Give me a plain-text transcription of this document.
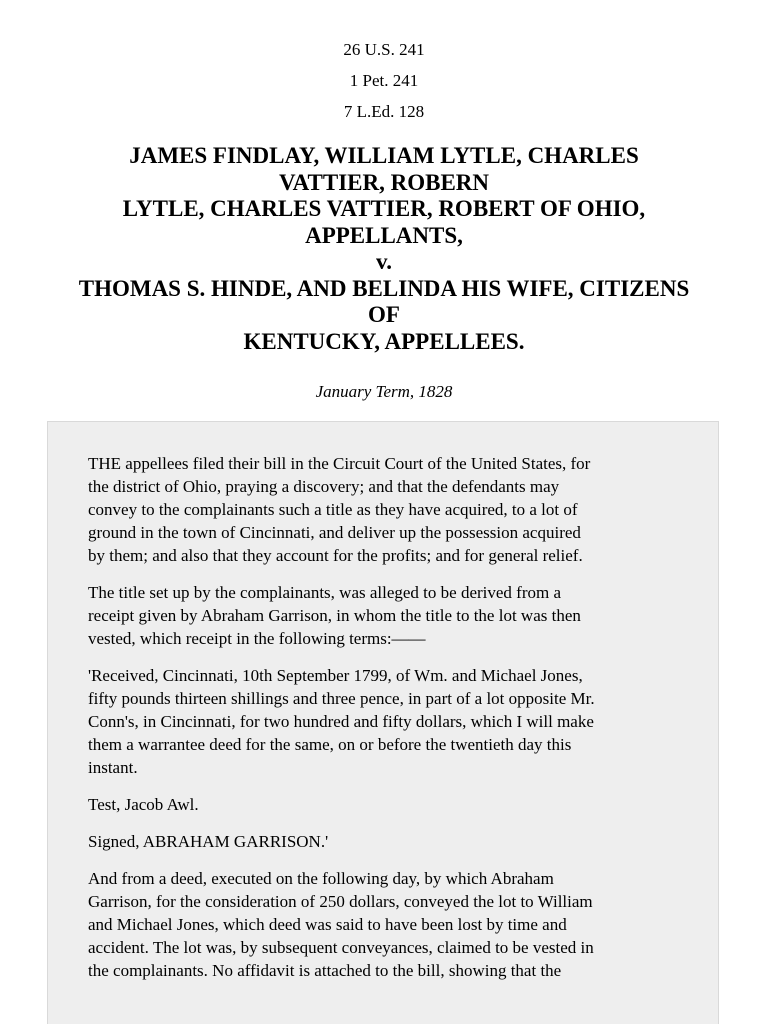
26 U.S. 241
1 Pet. 241
7 L.Ed. 128
JAMES FINDLAY, WILLIAM LYTLE, CHARLES
VATTIER, ROBERN
LYTLE, CHARLES VATTIER, ROBERT OF OHIO,
APPELLANTS,
v.
THOMAS S. HINDE, AND BELINDA HIS WIFE, CITIZENS
OF
KENTUCKY, APPELLEES.
January Term, 1828

THE appellees filed their bill in the Circuit Court of the United States, for
the district of Ohio, praying a discovery; and that the defendants may
convey to the complainants such a title as they have acquired, to a lot of
ground in the town of Cincinnati, and deliver up the possession acquired
by them; and also that they account for the profits; and for general relief.

The title set up by the complainants, was alleged to be derived from a
receipt given by Abraham Garrison, in whom the title to the lot was then
vested, which receipt in the following terms:——

'Received, Cincinnati, 10th September 1799, of Wm. and Michael Jones,
fifty pounds thirteen shillings and three pence, in part of a lot opposite Mr.
Conn's, in Cincinnati, for two hundred and fifty dollars, which I will make
them a warrantee deed for the same, on or before the twentieth day this
instant.

Test, Jacob Awl.

Signed, ABRAHAM GARRISON.'

And from a deed, executed on the following day, by which Abraham
Garrison, for the consideration of 250 dollars, conveyed the lot to William
and Michael Jones, which deed was said to have been lost by time and
accident. The lot was, by subsequent conveyances, claimed to be vested in
the complainants. No affidavit is attached to the bill, showing that the
